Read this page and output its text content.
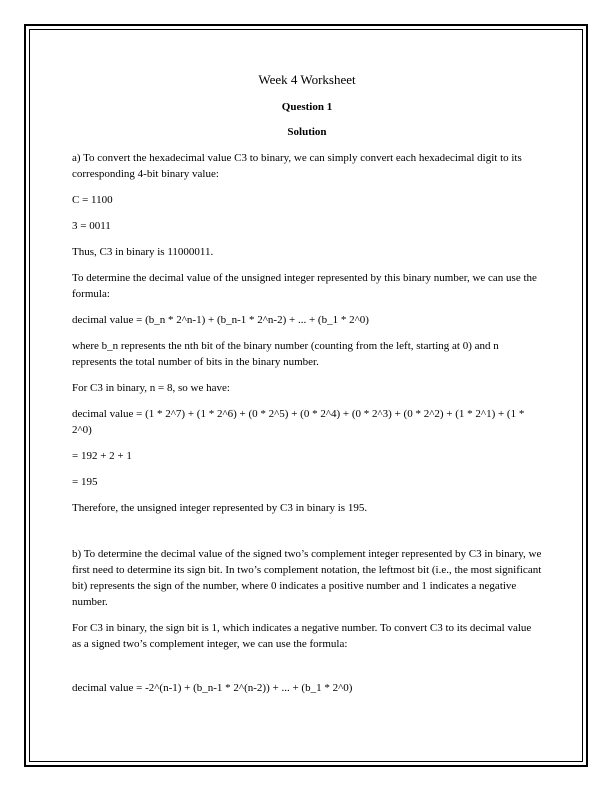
Week 4 Worksheet
Question 1
Solution

a) To convert the hexadecimal value C3 to binary, we can simply convert each hexadecimal digit to its corresponding 4-bit binary value:

C = 1100

3 = 0011

Thus, C3 in binary is 11000011.

To determine the decimal value of the unsigned integer represented by this binary number, we can use the formula:

decimal value = (b_n * 2^n-1) + (b_n-1 * 2^n-2) + ... + (b_1 * 2^0)

where b_n represents the nth bit of the binary number (counting from the left, starting at 0) and n represents the total number of bits in the binary number.

For C3 in binary, n = 8, so we have:

decimal value = (1 * 2^7) + (1 * 2^6) + (0 * 2^5) + (0 * 2^4) + (0 * 2^3) + (0 * 2^2) + (1 * 2^1) + (1 * 2^0)

= 192 + 2 + 1

= 195

Therefore, the unsigned integer represented by C3 in binary is 195.

b) To determine the decimal value of the signed two’s complement integer represented by C3 in binary, we first need to determine its sign bit. In two’s complement notation, the leftmost bit (i.e., the most significant bit) represents the sign of the number, where 0 indicates a positive number and 1 indicates a negative number.

For C3 in binary, the sign bit is 1, which indicates a negative number. To convert C3 to its decimal value as a signed two’s complement integer, we can use the formula:

decimal value = -2^(n-1) + (b_n-1 * 2^(n-2)) + ... + (b_1 * 2^0)
